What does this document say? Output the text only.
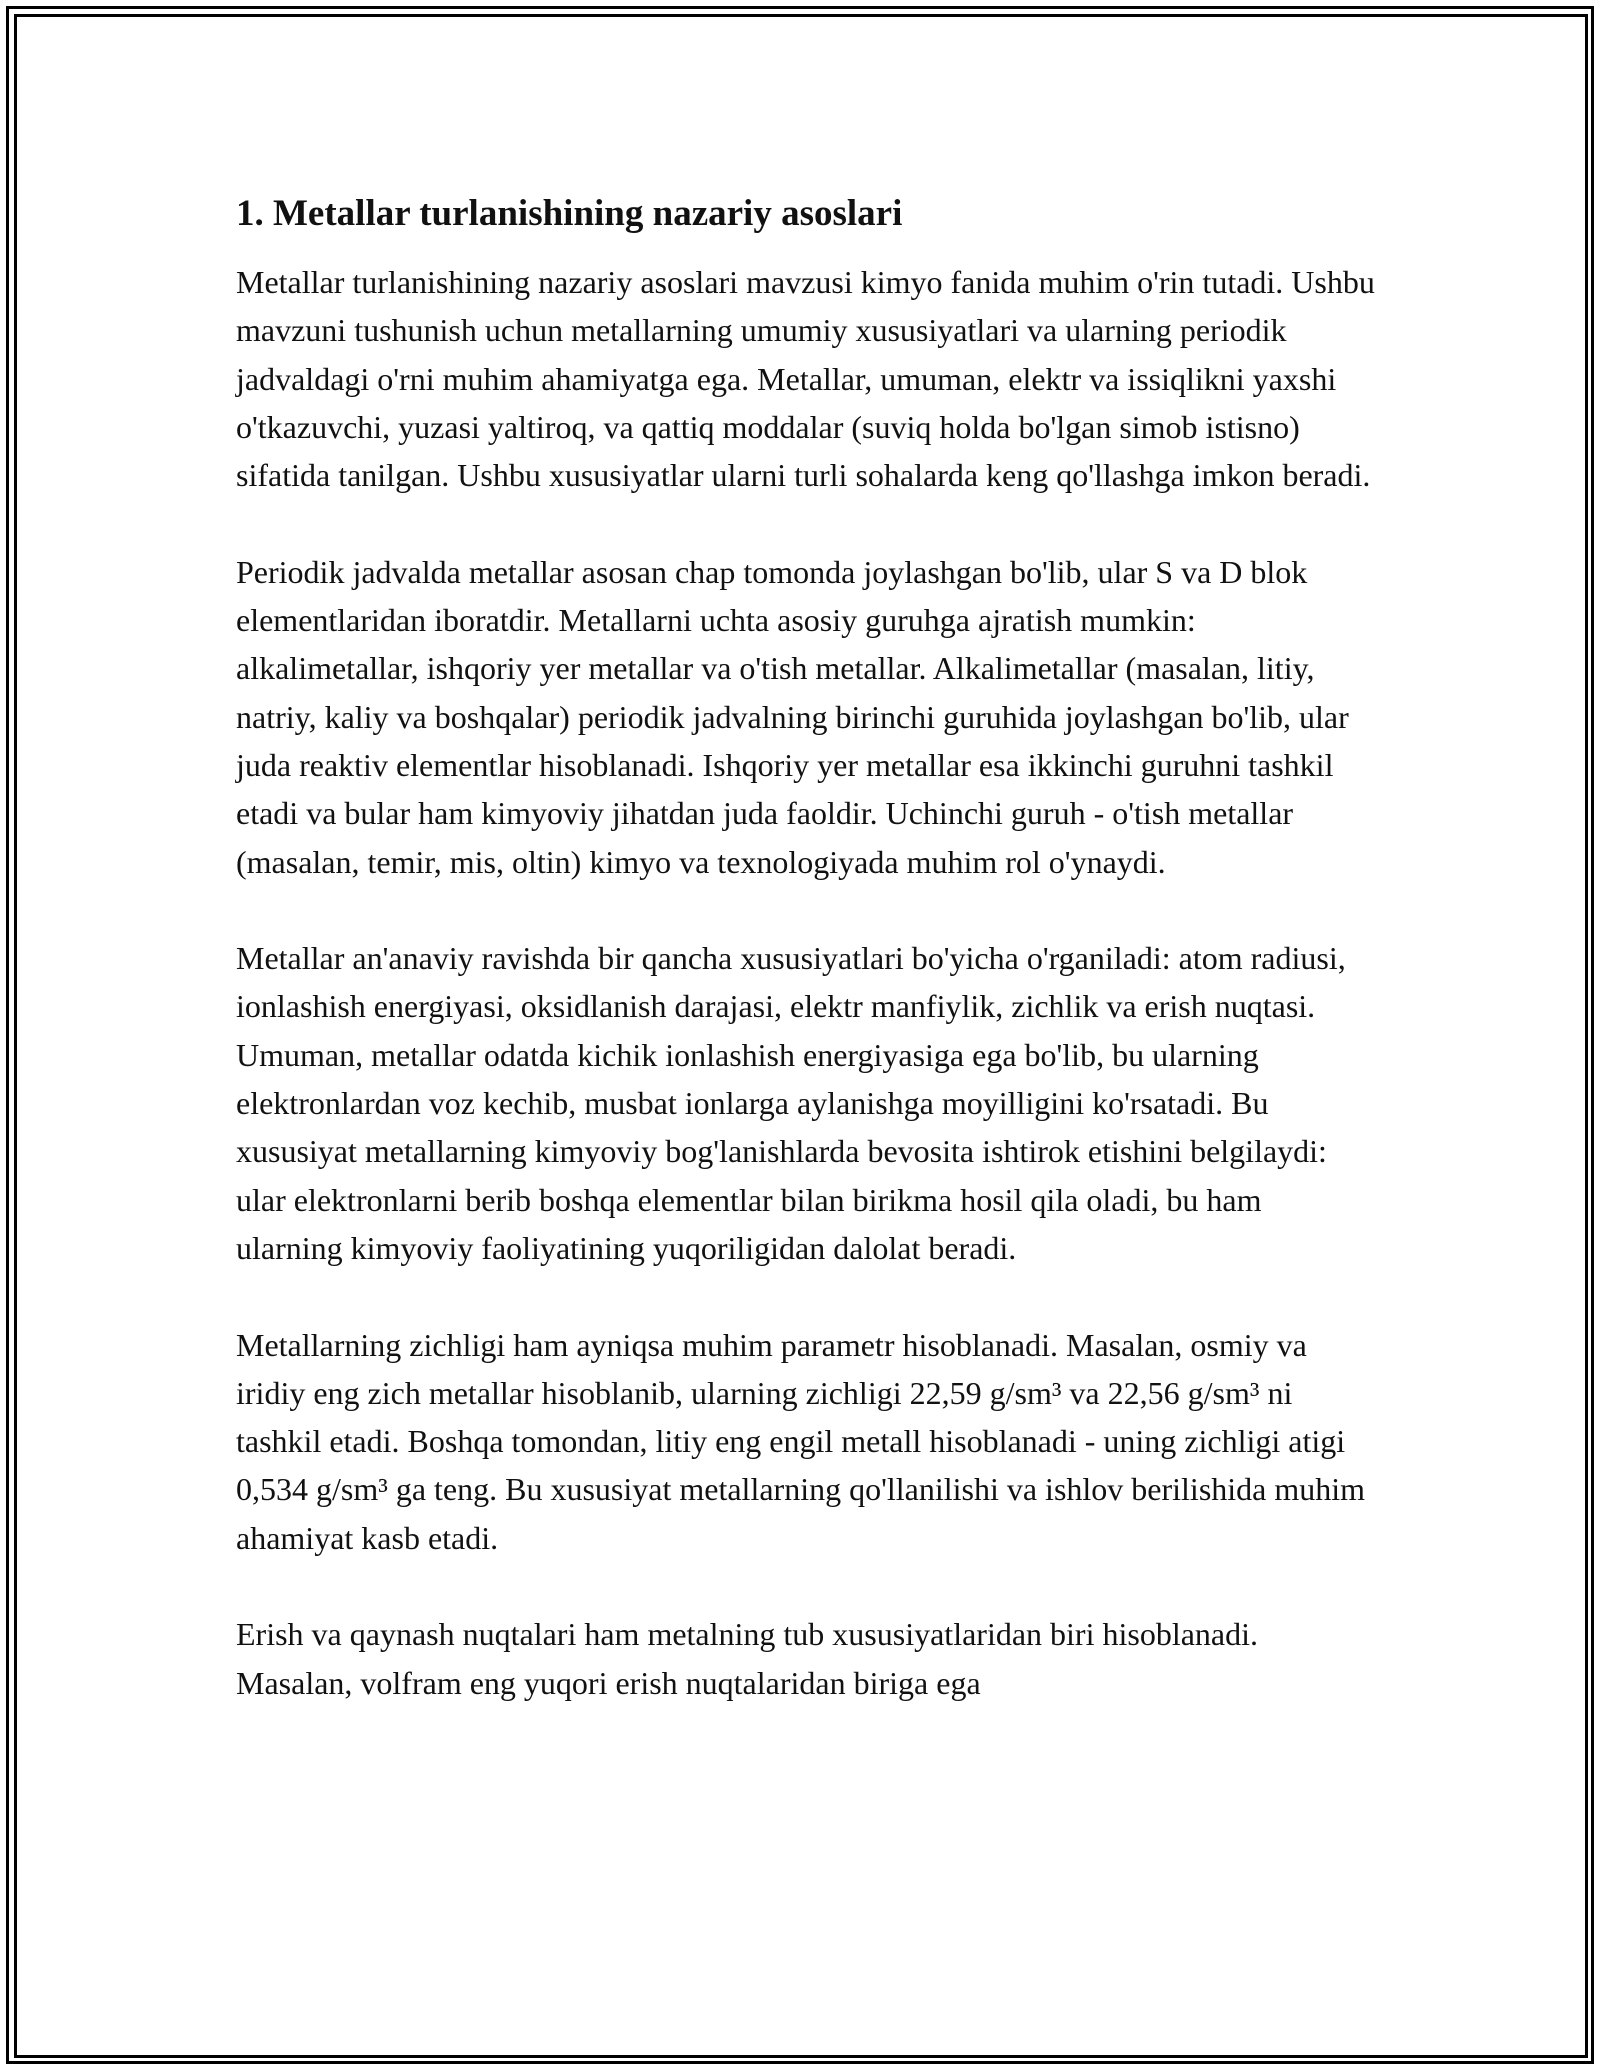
1. Metallar turlanishining nazariy asoslari

Metallar turlanishining nazariy asoslari mavzusi kimyo fanida muhim o'rin tutadi. Ushbu mavzuni tushunish uchun metallarning umumiy xususiyatlari va ularning periodik jadvaldagi o'rni muhim ahamiyatga ega. Metallar, umuman, elektr va issiqlikni yaxshi o'tkazuvchi, yuzasi yaltiroq, va qattiq moddalar (suviq holda bo'lgan simob istisno) sifatida tanilgan. Ushbu xususiyatlar ularni turli sohalarda keng qo'llashga imkon beradi.

Periodik jadvalda metallar asosan chap tomonda joylashgan bo'lib, ular S va D blok elementlaridan iboratdir. Metallarni uchta asosiy guruhga ajratish mumkin: alkalimetallar, ishqoriy yer metallar va o'tish metallar. Alkalimetallar (masalan, litiy, natriy, kaliy va boshqalar) periodik jadvalning birinchi guruhida joylashgan bo'lib, ular juda reaktiv elementlar hisoblanadi. Ishqoriy yer metallar esa ikkinchi guruhni tashkil etadi va bular ham kimyoviy jihatdan juda faoldir. Uchinchi guruh - o'tish metallar (masalan, temir, mis, oltin) kimyo va texnologiyada muhim rol o'ynaydi.

Metallar an'anaviy ravishda bir qancha xususiyatlari bo'yicha o'rganiladi: atom radiusi, ionlashish energiyasi, oksidlanish darajasi, elektr manfiylik, zichlik va erish nuqtasi. Umuman, metallar odatda kichik ionlashish energiyasiga ega bo'lib, bu ularning elektronlardan voz kechib, musbat ionlarga aylanishga moyilligini ko'rsatadi. Bu xususiyat metallarning kimyoviy bog'lanishlarda bevosita ishtirok etishini belgilaydi: ular elektronlarni berib boshqa elementlar bilan birikma hosil qila oladi, bu ham ularning kimyoviy faoliyatining yuqoriligidan dalolat beradi.

Metallarning zichligi ham ayniqsa muhim parametr hisoblanadi. Masalan, osmiy va iridiy eng zich metallar hisoblanib, ularning zichligi 22,59 g/sm³ va 22,56 g/sm³ ni tashkil etadi. Boshqa tomondan, litiy eng engil metall hisoblanadi - uning zichligi atigi 0,534 g/sm³ ga teng. Bu xususiyat metallarning qo'llanilishi va ishlov berilishida muhim ahamiyat kasb etadi.

Erish va qaynash nuqtalari ham metalning tub xususiyatlaridan biri hisoblanadi. Masalan, volfram eng yuqori erish nuqtalaridan biriga ega
